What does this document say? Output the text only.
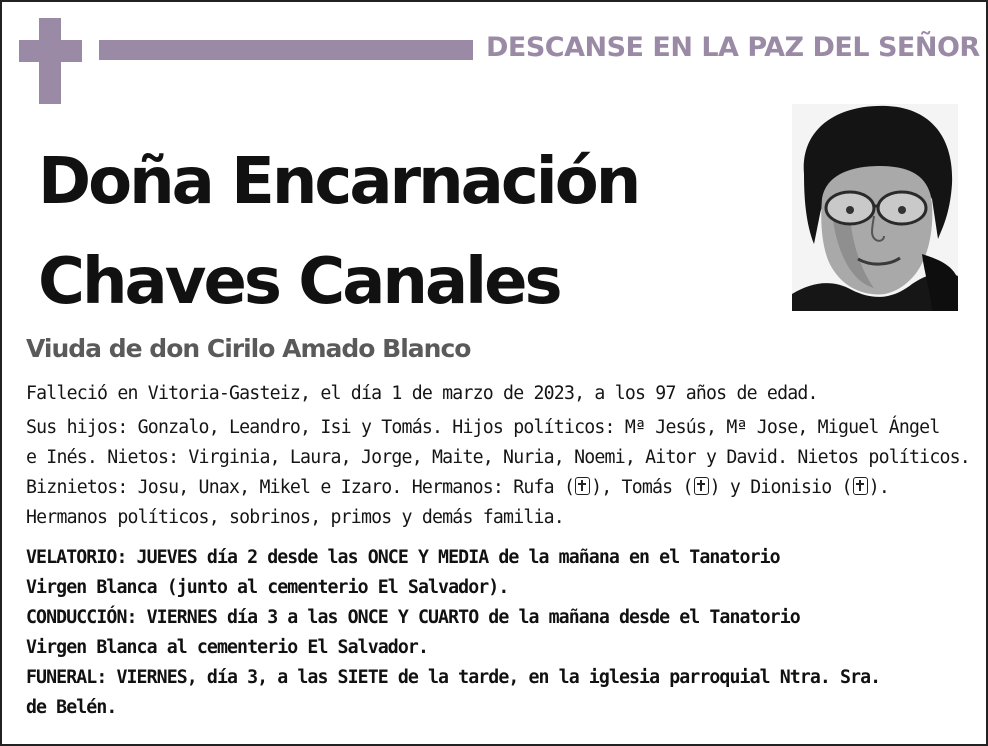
DESCANSE EN LA PAZ DEL SEÑOR
Doña Encarnación
Chaves Canales
Viuda de don Cirilo Amado Blanco
Falleció en Vitoria-Gasteiz, el día 1 de marzo de 2023, a los 97 años de edad.
Sus hijos: Gonzalo, Leandro, Isi y Tomás. Hijos políticos: Mª Jesús, Mª Jose, Miguel Ángel
e Inés. Nietos: Virginia, Laura, Jorge, Maite, Nuria, Noemi, Aitor y David. Nietos políticos.
Biznietos: Josu, Unax, Mikel e Izaro. Hermanos: Rufa (☒), Tomás (☒) y Dionisio (☒).
Hermanos políticos, sobrinos, primos y demás familia.
VELATORIO: JUEVES día 2 desde las ONCE Y MEDIA de la mañana en el Tanatorio
Virgen Blanca (junto al cementerio El Salvador).
CONDUCCIÓN: VIERNES día 3 a las ONCE Y CUARTO de la mañana desde el Tanatorio
Virgen Blanca al cementerio El Salvador.
FUNERAL: VIERNES, día 3, a las SIETE de la tarde, en la iglesia parroquial Ntra. Sra.
de Belén.
